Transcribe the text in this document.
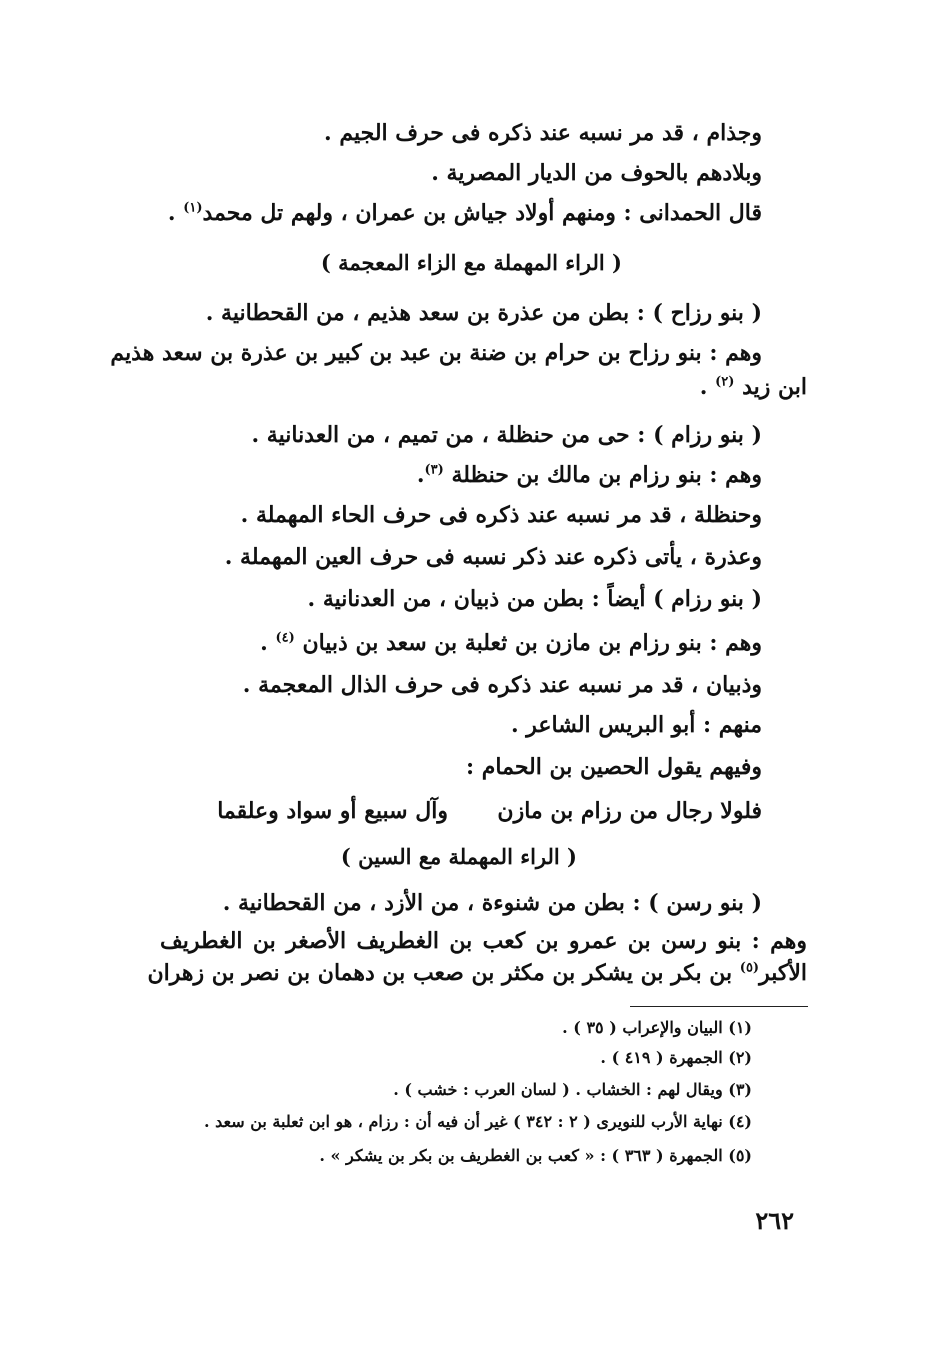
وجذام ، قد مر نسبه عند ذكره فى حرف الجيم .
وبلادهم بالحوف من الديار المصرية .
قال الحمدانى : ومنهم أولاد جياش بن عمران ، ولهم تل محمد$^{(١)}$ .
( الراء المهملة مع الزاء المعجمة )
( بنو رزاح ) : بطن من عذرة بن سعد هذيم ، من القحطانية .
وهم : بنو رزاح بن حرام بن ضنة بن عبد بن كبير بن عذرة بن سعد هذيم
ابن زيد $^{(٢)}$ .
( بنو رزام ) : حى من حنظلة ، من تميم ، من العدنانية .
وهم : بنو رزام بن مالك بن حنظلة $^{(٣)}$.
وحنظلة ، قد مر نسبه عند ذكره فى حرف الحاء المهملة .
وعذرة ، يأتى ذكره عند ذكر نسبه فى حرف العين المهملة .
( بنو رزام ) أيضاً : بطن من ذبيان ، من العدنانية .
وهم : بنو رزام بن مازن بن ثعلبة بن سعد بن ذبيان $^{(٤)}$ .
وذبيان ، قد مر نسبه عند ذكره فى حرف الذال المعجمة .
منهم : أبو البريس الشاعر .
وفيهم يقول الحصين بن الحمام :
فلولا رجال من رزام بن مازن
وآل سبيع أو سواد وعلقما
( الراء المهملة مع السين )
( بنو رسن ) : بطن من شنوءة ، من الأزد ، من القحطانية .
وهم : بنو رسن بن عمرو بن كعب بن الغطريف الأصغر بن الغطريف
الأكبر$^{(٥)}$ بن بكر بن يشكر بن مكثر بن صعب بن دهمان بن نصر بن زهران
(١) البيان والإعراب ( ٣٥ ) .
(٢) الجمهرة ( ٤١٩ ) .
(٣) ويقال لهم : الخشاب . ( لسان العرب : خشب ) .
(٤) نهاية الأرب للنويرى ( ٢ : ٣٤٢ ) غير أن فيه أن : رزام ، هو ابن ثعلبة بن سعد .
(٥) الجمهرة ( ٣٦٣ ) : « كعب بن الغطريف بن بكر بن يشكر » .
٢٦٢
